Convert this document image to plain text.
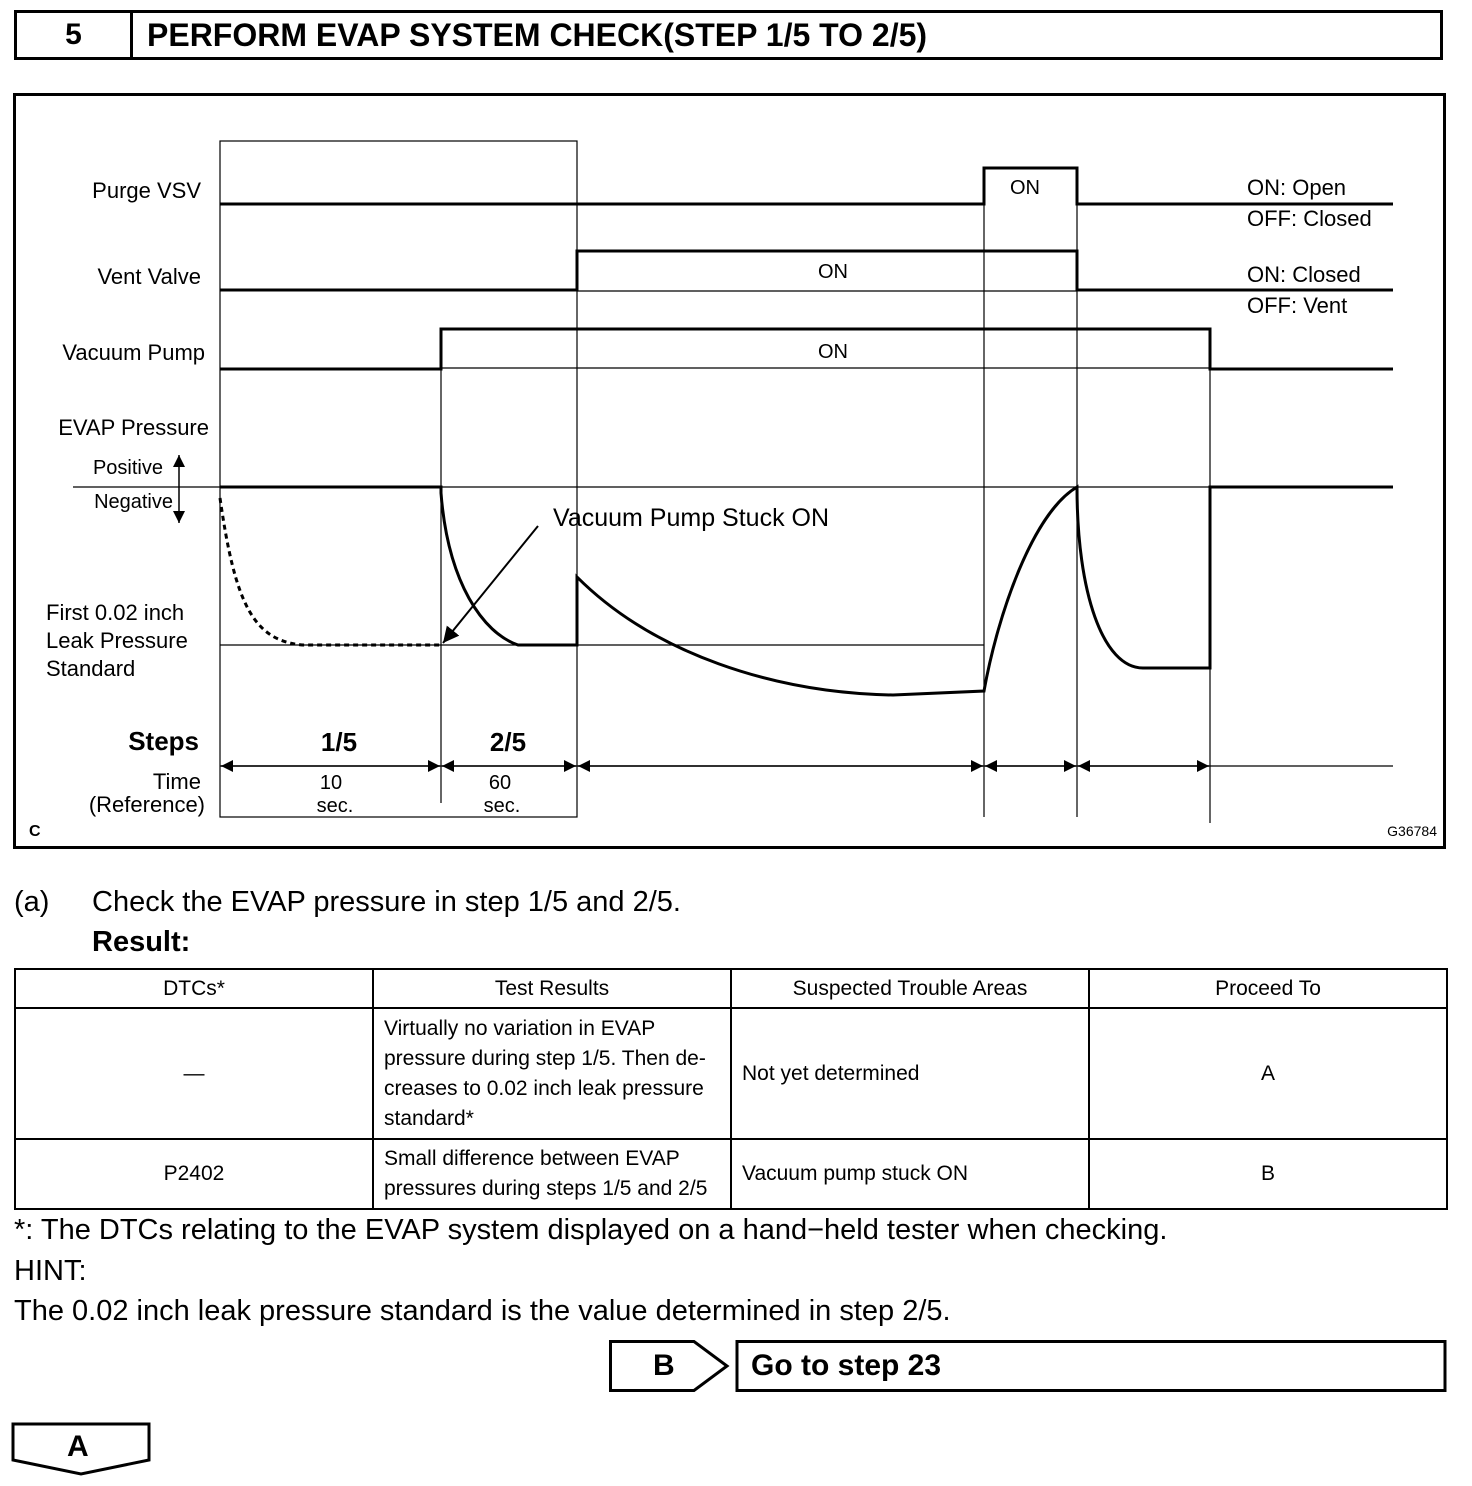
5	PERFORM EVAP SYSTEM CHECK(STEP 1/5 TO 2/5)
Purge VSV
Vent Valve
Vacuum Pump
EVAP Pressure
First 0.02 inch
Leak Pressure
Standard
Time
(Reference)
Positive
Negative
ON
ON
ON
ON: Open
OFF: Closed
ON: Closed
OFF: Vent
Vacuum Pump Stuck ON
Steps	1/5	2/5
10
sec.
60
sec.
C	G36784
(a) Check the EVAP pressure in step 1/5 and 2/5.
Result:
DTCs*	Test Results	Suspected Trouble Areas	Proceed To
—	Virtually no variation in EVAP pressure during step 1/5. Then de-creases to 0.02 inch leak pressure standard*	Not yet determined	A
P2402	Small difference between EVAP pressures during steps 1/5 and 2/5	Vacuum pump stuck ON	B
*: The DTCs relating to the EVAP system displayed on a hand−held tester when checking.
HINT:
The 0.02 inch leak pressure standard is the value determined in step 2/5.
B	Go to step 23
A
